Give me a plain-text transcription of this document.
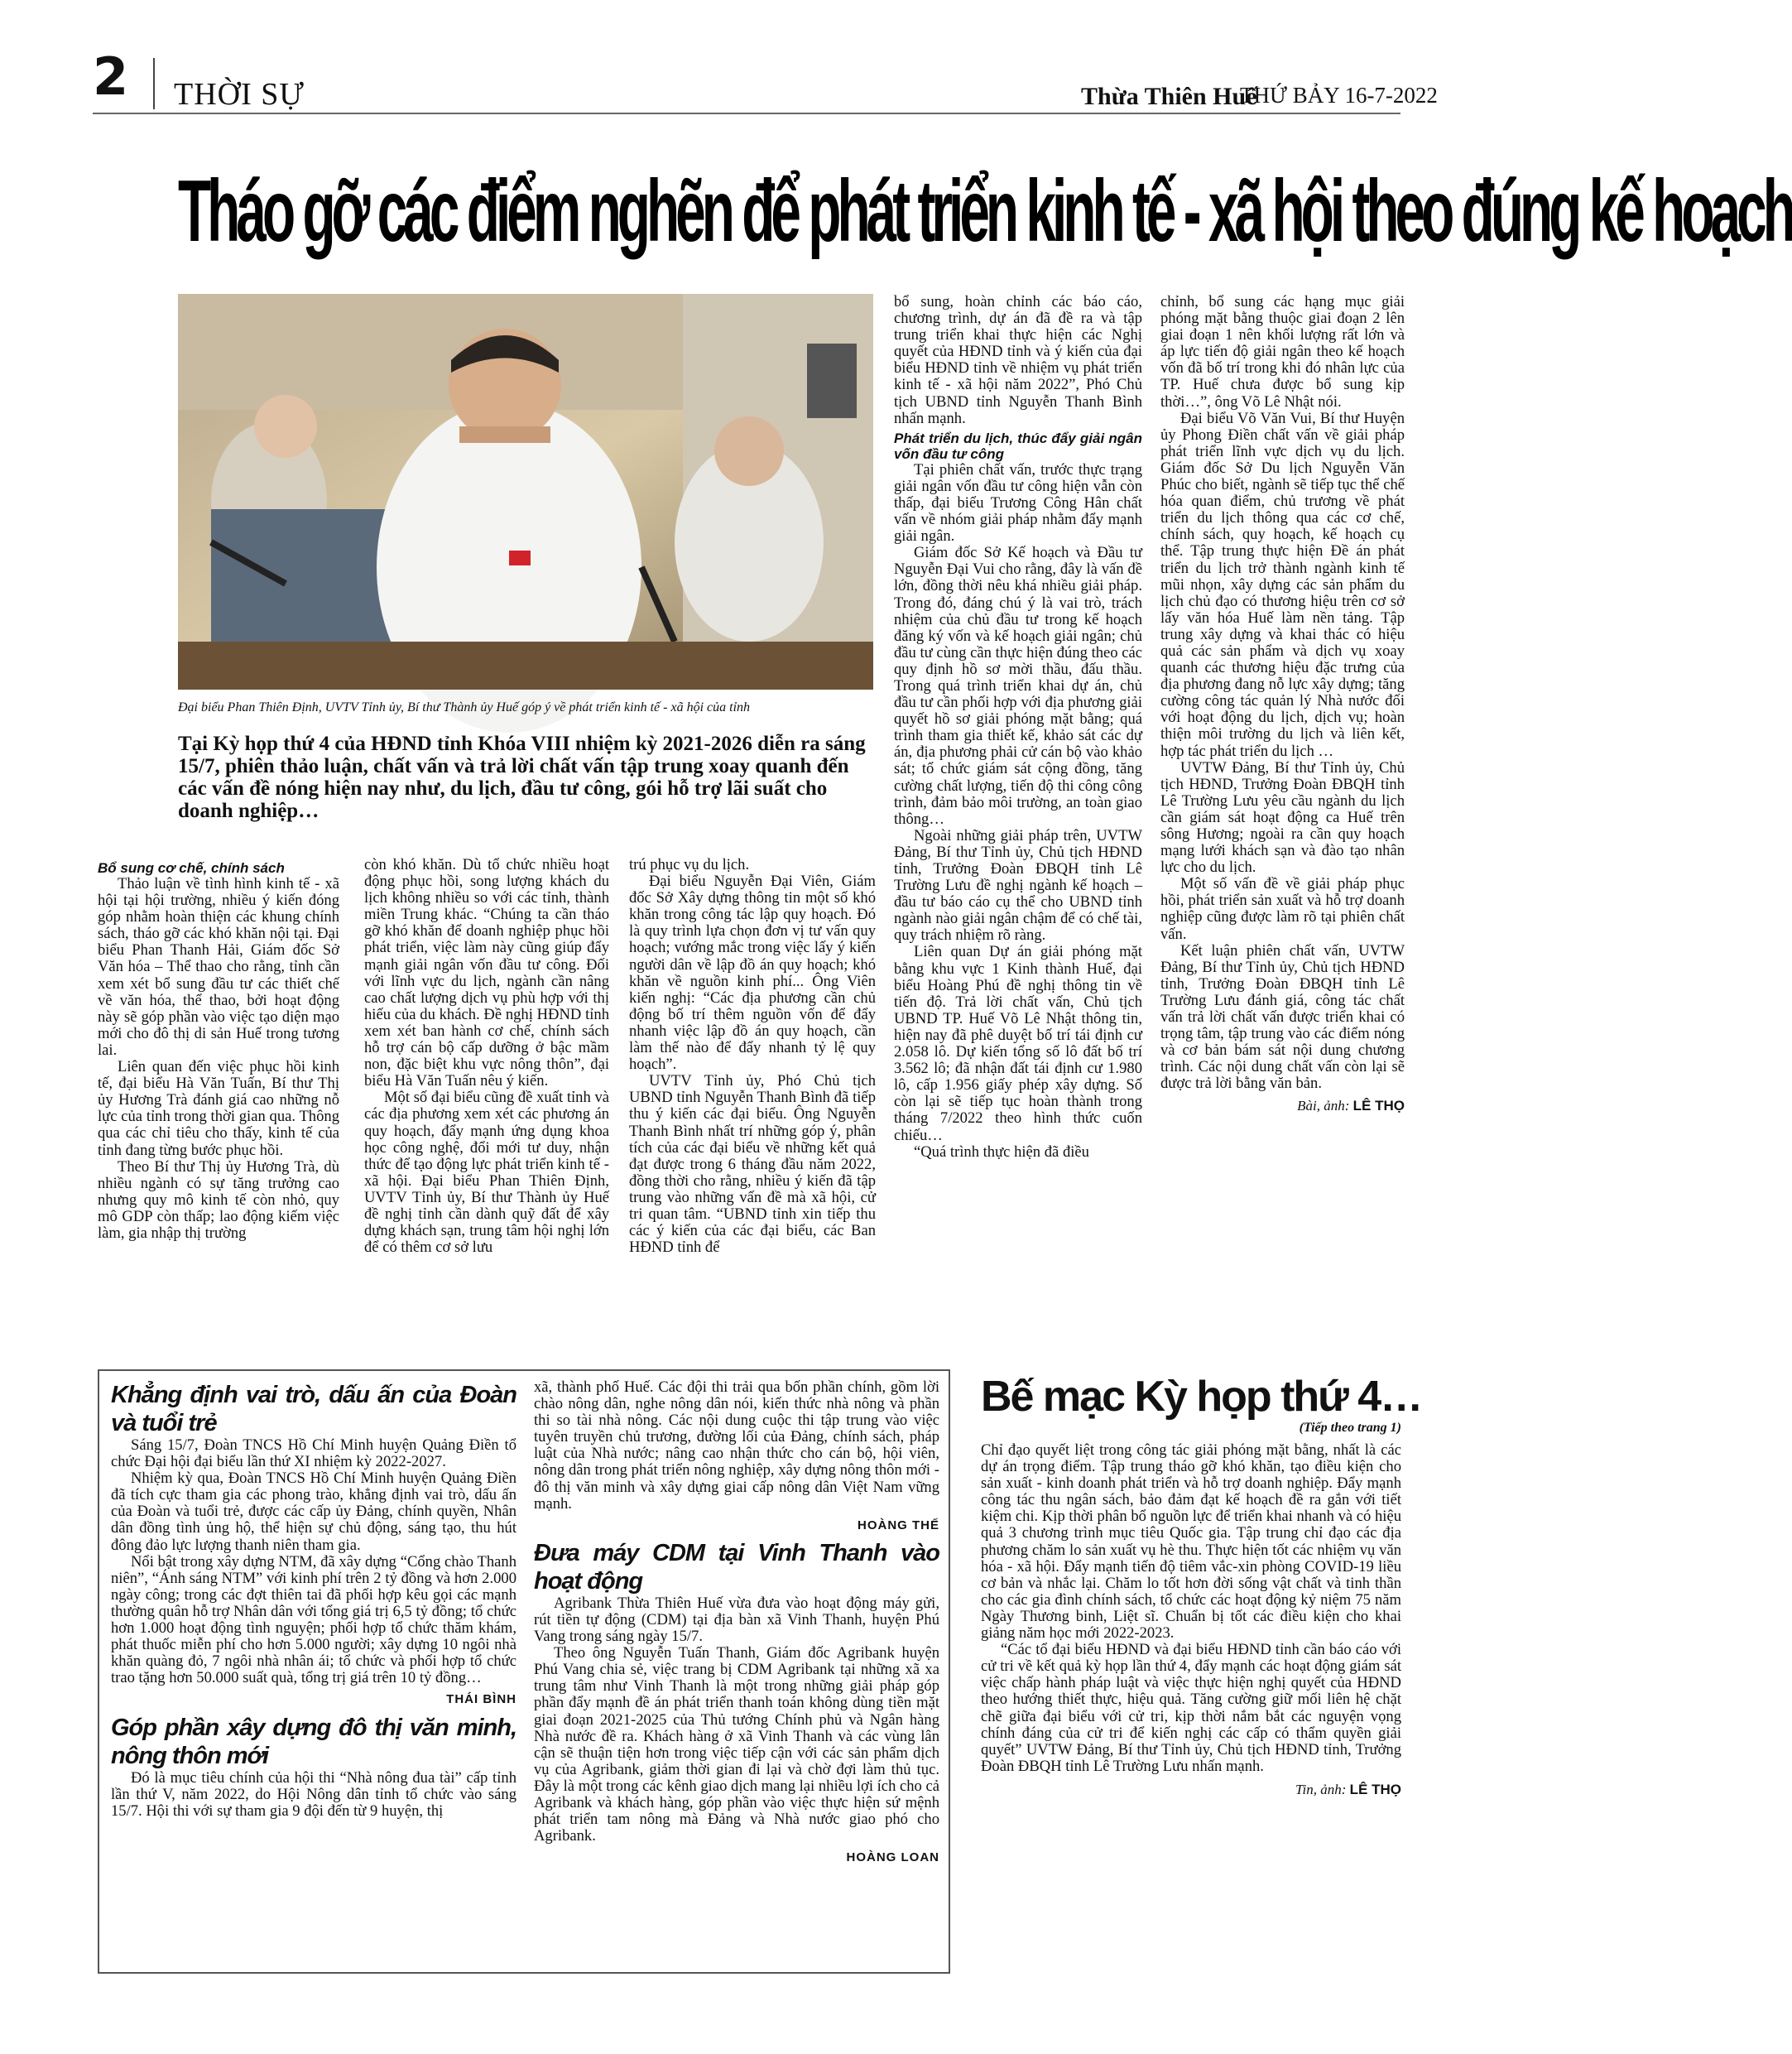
2 THỜI SỰ	Thừa Thiên Huế
THỨ BẢY 16-7-2022
Tháo gỡ các điểm nghẽn để phát triển kinh tế - xã hội theo đúng kế hoạch
Đại biểu Phan Thiên Định, UVTV Tỉnh ủy, Bí thư Thành ủy Huế góp ý về phát triển kinh tế - xã hội của tỉnh
Tại Kỳ họp thứ 4 của HĐND tỉnh Khóa VIII nhiệm kỳ 2021-2026 diễn ra sáng 15/7, phiên thảo luận, chất vấn và trả lời chất vấn tập trung xoay quanh đến các vấn đề nóng hiện nay như, du lịch, đầu tư công, gói hỗ trợ lãi suất cho doanh nghiệp…
Bổ sung cơ chế, chính sách

Thảo luận về tình hình kinh tế - xã hội tại hội trường, nhiều ý kiến đóng góp nhằm hoàn thiện các khung chính sách, tháo gỡ các khó khăn nội tại. Đại biểu Phan Thanh Hải, Giám đốc Sở Văn hóa – Thể thao cho rằng, tỉnh cần xem xét bổ sung đầu tư các thiết chế về văn hóa, thể thao, bởi hoạt động này sẽ góp phần vào việc tạo diện mạo mới cho đô thị di sản Huế trong tương lai.

Liên quan đến việc phục hồi kinh tế, đại biểu Hà Văn Tuấn, Bí thư Thị ủy Hương Trà đánh giá cao những nỗ lực của tỉnh trong thời gian qua. Thông qua các chỉ tiêu cho thấy, kinh tế của tỉnh đang từng bước phục hồi.

Theo Bí thư Thị ủy Hương Trà, dù nhiều ngành có sự tăng trưởng cao nhưng quy mô kinh tế còn nhỏ, quy mô GDP còn thấp; lao động kiếm việc làm, gia nhập thị trường

còn khó khăn. Dù tổ chức nhiều hoạt động phục hồi, song lượng khách du lịch không nhiều so với các tỉnh, thành miền Trung khác. “Chúng ta cần tháo gỡ khó khăn để doanh nghiệp phục hồi phát triển, việc làm này cũng giúp đẩy mạnh giải ngân vốn đầu tư công. Đối với lĩnh vực du lịch, ngành cần nâng cao chất lượng dịch vụ phù hợp với thị hiếu của du khách. Đề nghị HĐND tỉnh xem xét ban hành cơ chế, chính sách hỗ trợ cán bộ cấp dưỡng ở bậc mầm non, đặc biệt khu vực nông thôn”, đại biểu Hà Văn Tuấn nêu ý kiến.

Một số đại biểu cũng đề xuất tỉnh và các địa phương xem xét các phương án quy hoạch, đẩy mạnh ứng dụng khoa học công nghệ, đổi mới tư duy, nhận thức để tạo động lực phát triển kinh tế - xã hội. Đại biểu Phan Thiên Định, UVTV Tỉnh ủy, Bí thư Thành ủy Huế đề nghị tỉnh cần dành quỹ đất để xây dựng khách sạn, trung tâm hội nghị lớn để có thêm cơ sở lưu

trú phục vụ du lịch.

Đại biểu Nguyễn Đại Viên, Giám đốc Sở Xây dựng thông tin một số khó khăn trong công tác lập quy hoạch. Đó là quy trình lựa chọn đơn vị tư vấn quy hoạch; vướng mắc trong việc lấy ý kiến người dân về lập đồ án quy hoạch; khó khăn về nguồn kinh phí... Ông Viên kiến nghị: “Các địa phương cần chủ động bố trí thêm nguồn vốn để đẩy nhanh việc lập đồ án quy hoạch, cần làm thế nào để đẩy nhanh tỷ lệ quy hoạch”.

UVTV Tỉnh ủy, Phó Chủ tịch UBND tỉnh Nguyễn Thanh Bình đã tiếp thu ý kiến các đại biểu. Ông Nguyễn Thanh Bình nhất trí những góp ý, phân tích của các đại biểu về những kết quả đạt được trong 6 tháng đầu năm 2022, đồng thời cho rằng, nhiều ý kiến đã tập trung vào những vấn đề mà xã hội, cử tri quan tâm. “UBND tỉnh xin tiếp thu các ý kiến của các đại biểu, các Ban HĐND tỉnh để

bổ sung, hoàn chỉnh các báo cáo, chương trình, dự án đã đề ra và tập trung triển khai thực hiện các Nghị quyết của HĐND tỉnh và ý kiến của đại biểu HĐND tỉnh về nhiệm vụ phát triển kinh tế - xã hội năm 2022”, Phó Chủ tịch UBND tỉnh Nguyễn Thanh Bình nhấn mạnh.

Phát triển du lịch, thúc đẩy giải ngân vốn đầu tư công

Tại phiên chất vấn, trước thực trạng giải ngân vốn đầu tư công hiện vẫn còn thấp, đại biểu Trương Công Hân chất vấn về nhóm giải pháp nhằm đẩy mạnh giải ngân.

Giám đốc Sở Kế hoạch và Đầu tư Nguyễn Đại Vui cho rằng, đây là vấn đề lớn, đồng thời nêu khá nhiều giải pháp. Trong đó, đáng chú ý là vai trò, trách nhiệm của chủ đầu tư trong kế hoạch đăng ký vốn và kế hoạch giải ngân; chủ đầu tư cùng cần thực hiện đúng theo các quy định hồ sơ mời thầu, đấu thầu. Trong quá trình triển khai dự án, chủ đầu tư cần phối hợp với địa phương giải quyết hồ sơ giải phóng mặt bằng; quá trình tham gia thiết kế, khảo sát các dự án, địa phương phải cử cán bộ vào khảo sát; tổ chức giám sát cộng đồng, tăng cường chất lượng, tiến độ thi công công trình, đảm bảo môi trường, an toàn giao thông…

Ngoài những giải pháp trên, UVTW Đảng, Bí thư Tỉnh ủy, Chủ tịch HĐND tỉnh, Trưởng Đoàn ĐBQH tỉnh Lê Trường Lưu đề nghị ngành kế hoạch – đầu tư báo cáo cụ thể cho UBND tỉnh ngành nào giải ngân chậm để có chế tài, quy trách nhiệm rõ ràng.

Liên quan Dự án giải phóng mặt bằng khu vực 1 Kinh thành Huế, đại biểu Hoàng Phú đề nghị thông tin về tiến độ. Trả lời chất vấn, Chủ tịch UBND TP. Huế Võ Lê Nhật thông tin, hiện nay đã phê duyệt bố trí tái định cư 2.058 lô. Dự kiến tổng số lô đất bố trí 3.562 lô; đã nhận đất tái định cư 1.980 lô, cấp 1.956 giấy phép xây dựng. Số còn lại sẽ tiếp tục hoàn thành trong tháng 7/2022 theo hình thức cuốn chiếu…

“Quá trình thực hiện đã điều

chỉnh, bổ sung các hạng mục giải phóng mặt bằng thuộc giai đoạn 2 lên giai đoạn 1 nên khối lượng rất lớn và áp lực tiến độ giải ngân theo kế hoạch vốn đã bố trí trong khi đó nhân lực của TP. Huế chưa được bổ sung kịp thời…”, ông Võ Lê Nhật nói.

Đại biểu Võ Văn Vui, Bí thư Huyện ủy Phong Điền chất vấn về giải pháp phát triển lĩnh vực dịch vụ du lịch. Giám đốc Sở Du lịch Nguyễn Văn Phúc cho biết, ngành sẽ tiếp tục thể chế hóa quan điểm, chủ trương về phát triển du lịch thông qua các cơ chế, chính sách, quy hoạch, kế hoạch cụ thể. Tập trung thực hiện Đề án phát triển du lịch trở thành ngành kinh tế mũi nhọn, xây dựng các sản phẩm du lịch chủ đạo có thương hiệu trên cơ sở lấy văn hóa Huế làm nền tảng. Tập trung xây dựng và khai thác có hiệu quả các sản phẩm và dịch vụ xoay quanh các thương hiệu đặc trưng của địa phương đang nỗ lực xây dựng; tăng cường công tác quản lý Nhà nước đối với hoạt động du lịch, dịch vụ; hoàn thiện môi trường du lịch và liên kết, hợp tác phát triển du lịch …

UVTW Đảng, Bí thư Tỉnh ủy, Chủ tịch HĐND, Trưởng Đoàn ĐBQH tỉnh Lê Trường Lưu yêu cầu ngành du lịch cần giám sát hoạt động ca Huế trên sông Hương; ngoài ra cần quy hoạch mạng lưới khách sạn và đào tạo nhân lực cho du lịch.

Một số vấn đề về giải pháp phục hồi, phát triển sản xuất và hỗ trợ doanh nghiệp cũng được làm rõ tại phiên chất vấn.

Kết luận phiên chất vấn, UVTW Đảng, Bí thư Tỉnh ủy, Chủ tịch HĐND tỉnh, Trưởng Đoàn ĐBQH tỉnh Lê Trường Lưu đánh giá, công tác chất vấn trả lời chất vấn được triển khai có trọng tâm, tập trung vào các điểm nóng và cơ bản bám sát nội dung chương trình. Các nội dung chất vấn còn lại sẽ được trả lời bằng văn bản.

Bài, ảnh: LÊ THỌ
Khẳng định vai trò, dấu ấn của Đoàn và tuổi trẻ

Sáng 15/7, Đoàn TNCS Hồ Chí Minh huyện Quảng Điền tổ chức Đại hội đại biểu lần thứ XI nhiệm kỳ 2022-2027.

Nhiệm kỳ qua, Đoàn TNCS Hồ Chí Minh huyện Quảng Điền đã tích cực tham gia các phong trào, khẳng định vai trò, dấu ấn của Đoàn và tuổi trẻ, được các cấp ủy Đảng, chính quyền, Nhân dân đồng tình ủng hộ, thể hiện sự chủ động, sáng tạo, thu hút đông đảo lực lượng thanh niên tham gia.

Nổi bật trong xây dựng NTM, đã xây dựng “Cổng chào Thanh niên”, “Ánh sáng NTM” với kinh phí trên 2 tỷ đồng và hơn 2.000 ngày công; trong các đợt thiên tai đã phối hợp kêu gọi các mạnh thường quân hỗ trợ Nhân dân với tổng giá trị 6,5 tỷ đồng; tổ chức hơn 1.000 hoạt động tình nguyện; phối hợp tổ chức thăm khám, phát thuốc miễn phí cho hơn 5.000 người; xây dựng 10 ngôi nhà khăn quàng đỏ, 7 ngôi nhà nhân ái; tổ chức và phối hợp tổ chức trao tặng hơn 50.000 suất quà, tổng trị giá trên 10 tỷ đồng…

THÁI BÌNH
Góp phần xây dựng đô thị văn minh, nông thôn mới

Đó là mục tiêu chính của hội thi “Nhà nông đua tài” cấp tỉnh lần thứ V, năm 2022, do Hội Nông dân tỉnh tổ chức vào sáng 15/7. Hội thi với sự tham gia 9 đội đến từ 9 huyện, thị

xã, thành phố Huế. Các đội thi trải qua bốn phần chính, gồm lời chào nông dân, nghe nông dân nói, kiến thức nhà nông và phần thi so tài nhà nông. Các nội dung cuộc thi tập trung vào việc tuyên truyền chủ trương, đường lối của Đảng, chính sách, pháp luật của Nhà nước; nâng cao nhận thức cho cán bộ, hội viên, nông dân trong phát triển nông nghiệp, xây dựng nông thôn mới - đô thị văn minh và xây dựng giai cấp nông dân Việt Nam vững mạnh.

HOÀNG THẾ
Đưa máy CDM tại Vinh Thanh vào hoạt động

Agribank Thừa Thiên Huế vừa đưa vào hoạt động máy gửi, rút tiền tự động (CDM) tại địa bàn xã Vinh Thanh, huyện Phú Vang trong sáng ngày 15/7.

Theo ông Nguyễn Tuấn Thanh, Giám đốc Agribank huyện Phú Vang chia sẻ, việc trang bị CDM Agribank tại những xã xa trung tâm như Vinh Thanh là một trong những giải pháp góp phần đẩy mạnh đề án phát triển thanh toán không dùng tiền mặt giai đoạn 2021-2025 của Thủ tướng Chính phủ và Ngân hàng Nhà nước đề ra. Khách hàng ở xã Vinh Thanh và các vùng lân cận sẽ thuận tiện hơn trong việc tiếp cận với các sản phẩm dịch vụ của Agribank, giảm thời gian đi lại và chờ đợi làm thủ tục. Đây là một trong các kênh giao dịch mang lại nhiều lợi ích cho cả Agribank và khách hàng, góp phần vào việc thực hiện sứ mệnh phát triển tam nông mà Đảng và Nhà nước giao phó cho Agribank.

HOÀNG LOAN
Bế mạc Kỳ họp thứ 4…
(Tiếp theo trang 1)

Chỉ đạo quyết liệt trong công tác giải phóng mặt bằng, nhất là các dự án trọng điểm. Tập trung tháo gỡ khó khăn, tạo điều kiện cho sản xuất - kinh doanh phát triển và hỗ trợ doanh nghiệp. Đẩy mạnh công tác thu ngân sách, bảo đảm đạt kế hoạch đề ra gắn với tiết kiệm chi. Kịp thời phân bổ nguồn lực để triển khai nhanh và có hiệu quả 3 chương trình mục tiêu Quốc gia. Tập trung chỉ đạo các địa phương chăm lo sản xuất vụ hè thu. Thực hiện tốt các nhiệm vụ văn hóa - xã hội. Đẩy mạnh tiến độ tiêm vắc-xin phòng COVID-19 liều cơ bản và nhắc lại. Chăm lo tốt hơn đời sống vật chất và tinh thần cho các gia đình chính sách, tổ chức các hoạt động kỷ niệm 75 năm Ngày Thương binh, Liệt sĩ. Chuẩn bị tốt các điều kiện cho khai giảng năm học mới 2022-2023.

“Các tổ đại biểu HĐND và đại biểu HĐND tỉnh cần báo cáo với cử tri về kết quả kỳ họp lần thứ 4, đẩy mạnh các hoạt động giám sát việc chấp hành pháp luật và việc thực hiện nghị quyết của HĐND theo hướng thiết thực, hiệu quả. Tăng cường giữ mối liên hệ chặt chẽ giữa đại biểu với cử tri, kịp thời nắm bắt các nguyện vọng chính đáng của cử tri để kiến nghị các cấp có thẩm quyền giải quyết” UVTW Đảng, Bí thư Tỉnh ủy, Chủ tịch HĐND tỉnh, Trưởng Đoàn ĐBQH tỉnh Lê Trường Lưu nhấn mạnh.

Tin, ảnh: LÊ THỌ
